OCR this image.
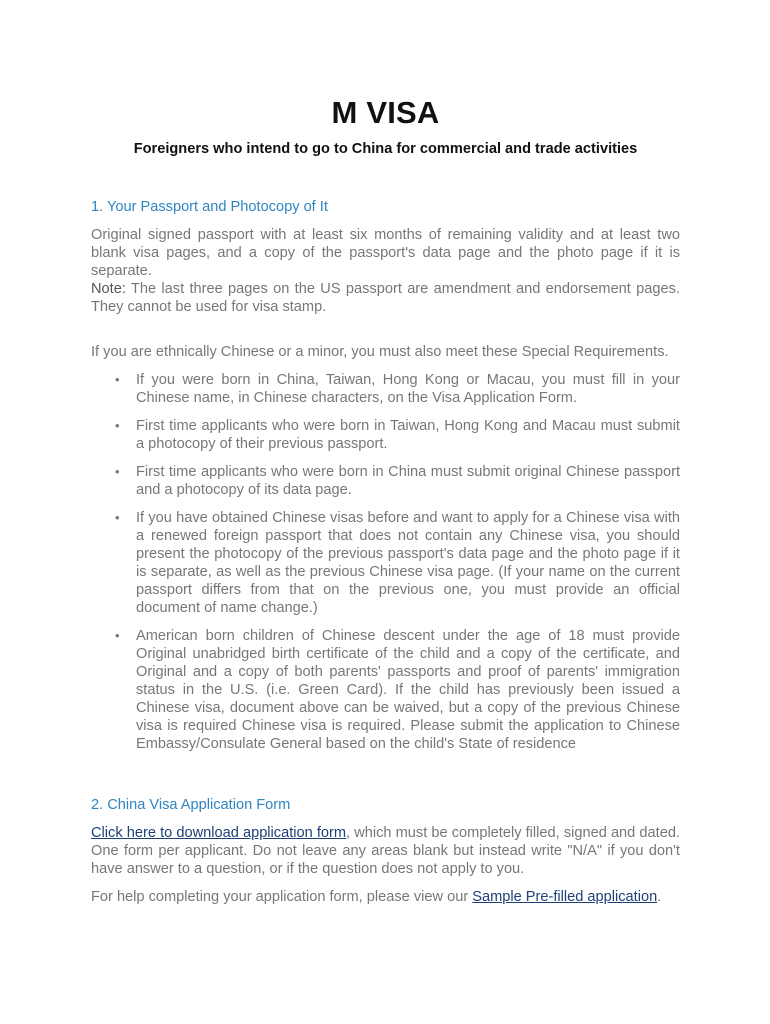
M VISA
Foreigners who intend to go to China for commercial and trade activities
1. Your Passport and Photocopy of It

Original signed passport with at least six months of remaining validity and at least two blank visa pages, and a copy of the passport's data page and the photo page if it is separate.
Note: The last three pages on the US passport are amendment and endorsement pages. They cannot be used for visa stamp.

If you are ethnically Chinese or a minor, you must also meet these Special Requirements.

• If you were born in China, Taiwan, Hong Kong or Macau, you must fill in your Chinese name, in Chinese characters, on the Visa Application Form.
• First time applicants who were born in Taiwan, Hong Kong and Macau must submit a photocopy of their previous passport.
• First time applicants who were born in China must submit original Chinese passport and a photocopy of its data page.
• If you have obtained Chinese visas before and want to apply for a Chinese visa with a renewed foreign passport that does not contain any Chinese visa, you should present the photocopy of the previous passport's data page and the photo page if it is separate, as well as the previous Chinese visa page. (If your name on the current passport differs from that on the previous one, you must provide an official document of name change.)
• American born children of Chinese descent under the age of 18 must provide Original unabridged birth certificate of the child and a copy of the certificate, and Original and a copy of both parents' passports and proof of parents' immigration status in the U.S. (i.e. Green Card). If the child has previously been issued a Chinese visa, document above can be waived, but a copy of the previous Chinese visa is required Chinese visa is required. Please submit the application to Chinese Embassy/Consulate General based on the child's State of residence
2. China Visa Application Form

Click here to download application form, which must be completely filled, signed and dated. One form per applicant. Do not leave any areas blank but instead write "N/A" if you don't have answer to a question, or if the question does not apply to you.

For help completing your application form, please view our Sample Pre-filled application.
